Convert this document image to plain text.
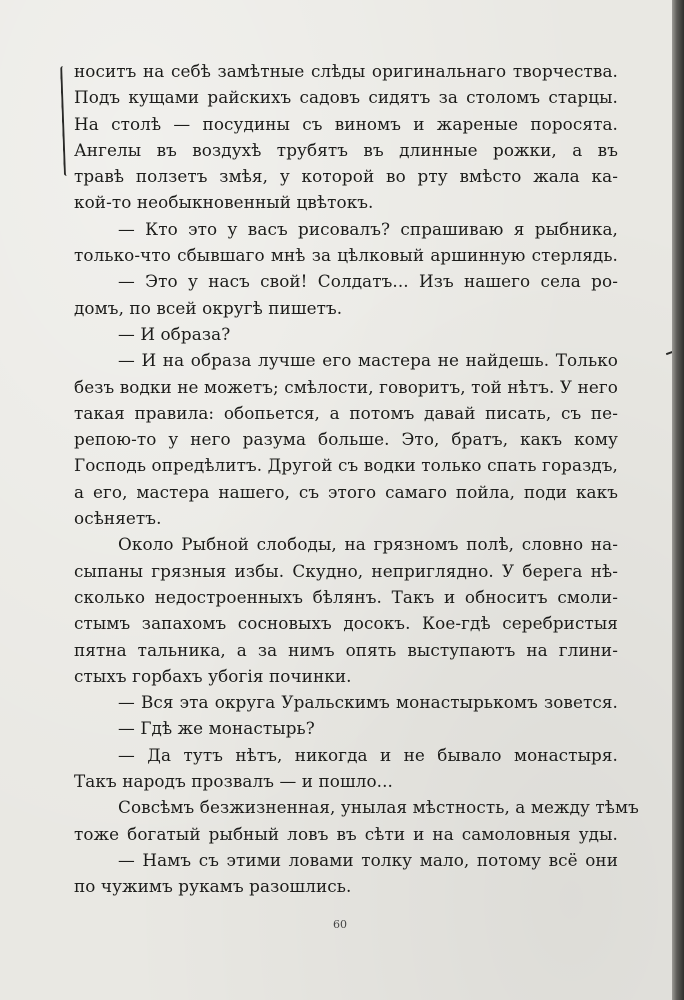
носитъ на себѣ замѣтные слѣды оригинальнаго творчества.
Подъ кущами райскихъ садовъ сидятъ за столомъ старцы.
На столѣ — посудины съ виномъ и жареные поросята.
Ангелы въ воздухѣ трубятъ въ длинные рожки, а въ
травѣ ползетъ змѣя, у которой во рту вмѣсто жала ка-
кой-то необыкновенный цвѣтокъ.
— Кто это у васъ рисовалъ? спрашиваю я рыбника,
только-что сбывшаго мнѣ за цѣлковый аршинную стерлядь.
— Это у насъ свой! Солдатъ... Изъ нашего села ро-
домъ, по всей округѣ пишетъ.
— И образа?
— И на образа лучше его мастера не найдешь. Только
безъ водки не можетъ; смѣлости, говоритъ, той нѣтъ. У него
такая правила: обопьется, а потомъ давай писать, съ пе-
репою-то у него разума больше. Это, братъ, какъ кому
Господь опредѣлитъ. Другой съ водки только спать гораздъ,
а его, мастера нашего, съ этого самаго пойла, поди какъ
осѣняетъ.
Около Рыбной слободы, на грязномъ полѣ, словно на-
сыпаны грязныя избы. Скудно, неприглядно. У берега нѣ-
сколько недостроенныхъ бѣлянъ. Такъ и обноситъ смоли-
стымъ запахомъ сосновыхъ досокъ. Кое-гдѣ серебристыя
пятна тальника, а за нимъ опять выступаютъ на глини-
стыхъ горбахъ убогія починки.
— Вся эта округа Уральскимъ монастырькомъ зовется.
— Гдѣ же монастырь?
— Да тутъ нѣтъ, никогда и не бывало монастыря.
Такъ народъ прозвалъ — и пошло...
Совсѣмъ безжизненная, унылая мѣстность, а между тѣмъ
тоже богатый рыбный ловъ въ сѣти и на самоловныя уды.
— Намъ съ этими ловами толку мало, потому всё они
по чужимъ рукамъ разошлись.
60
